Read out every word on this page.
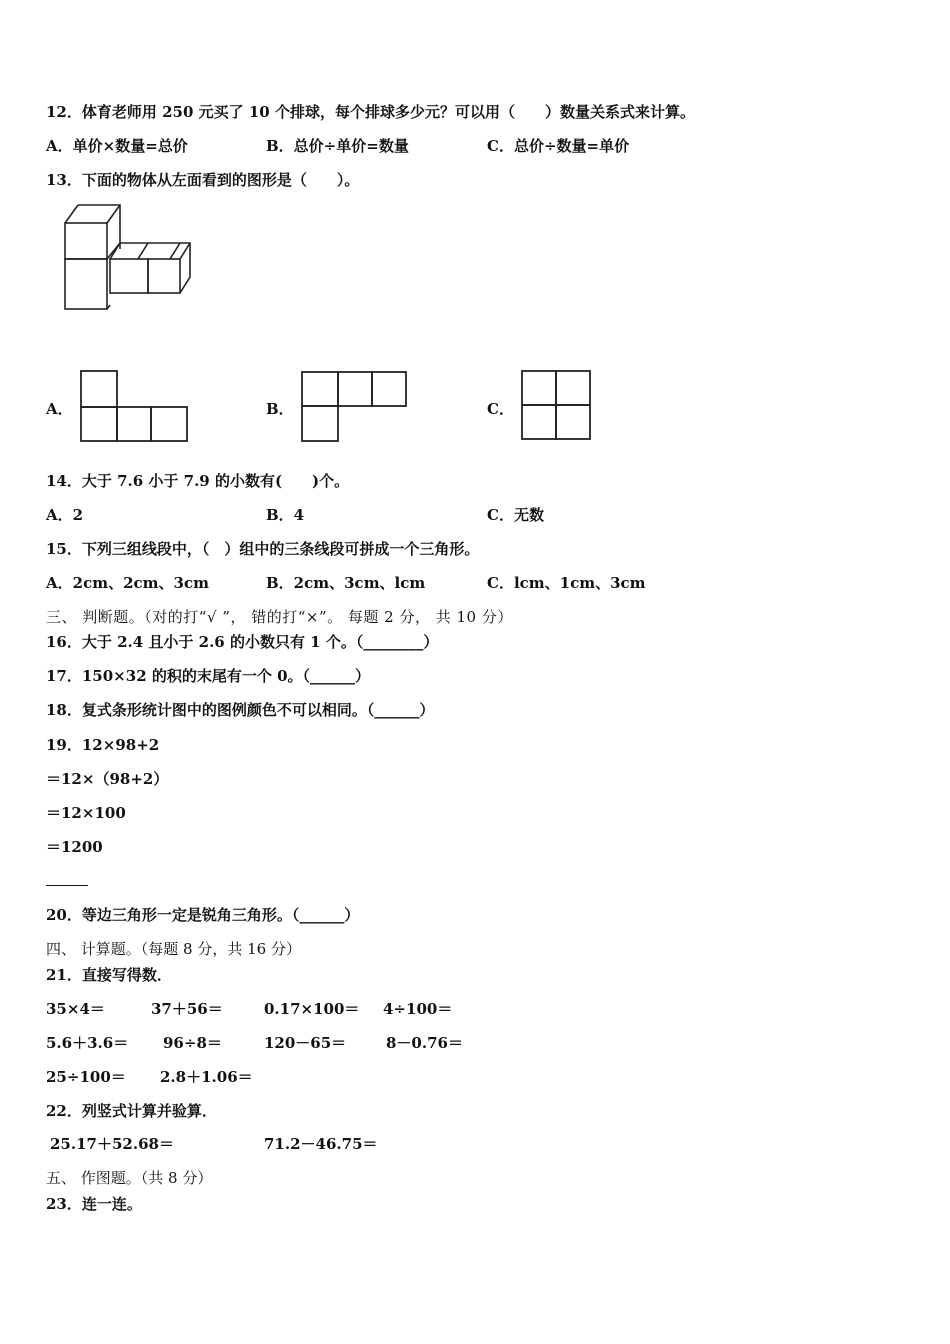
12．体育老师用 250 元买了 10 个排球，每个排球多少元？可以用（　　）数量关系式来计算。
A．单价×数量=总价	B．总价÷单价=数量	C．总价÷数量=单价
13．下面的物体从左面看到的图形是（　　）。
A．	B．	C．
14．大于 7.6 小于 7.9 的小数有(　　)个。
A．2	B．4	C．无数
15．下列三组线段中，（　）组中的三条线段可拼成一个三角形。
A．2cm、2cm、3cm	B．2cm、3cm、lcm	C．lcm、1cm、3cm
三、 判断题。（对的打“√ ”， 错的打“×”。 每题 2 分， 共 10 分）
16．大于 2.4 且小于 2.6 的小数只有 1 个。（________）
17．150×32 的积的末尾有一个 0。（______）
18．复式条形统计图中的图例颜色不可以相同。（______）
19．12×98+2
＝12×（98+2）
＝12×100
＝1200
20．等边三角形一定是锐角三角形。（______）
四、 计算题。（每题 8 分，共 16 分）
21．直接写得数．
35×4＝	37＋56＝	0.17×100＝ 4÷100＝
5.6＋3.6＝ 96÷8＝	120－65＝	8－0.76＝
25÷100＝ 2.8＋1.06＝
22．列竖式计算并验算．
25.17＋52.68＝	71.2－46.75＝
五、 作图题。（共 8 分）
23．连一连。
